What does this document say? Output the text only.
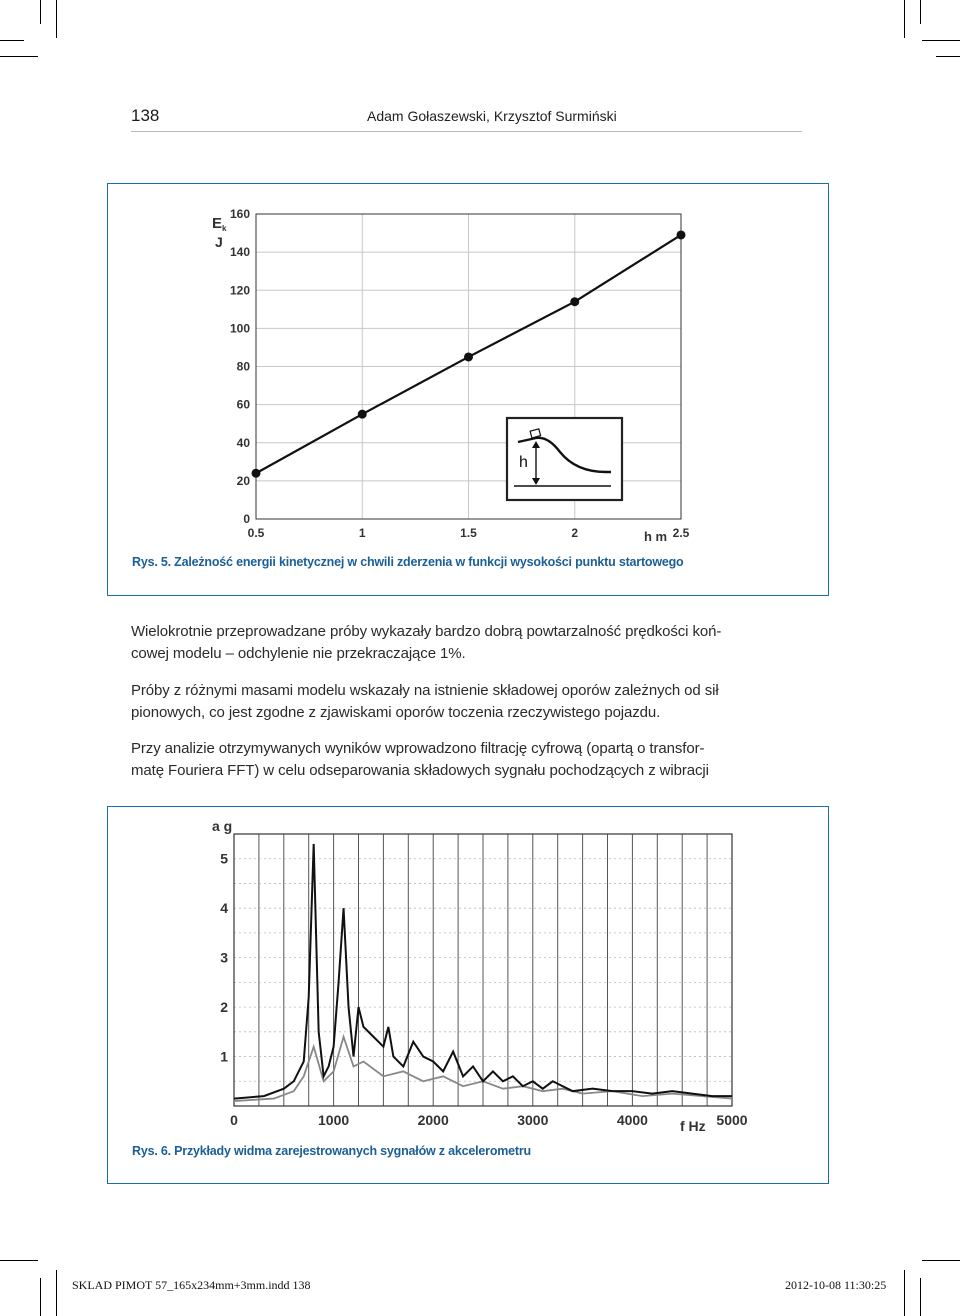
138	Adam Gołaszewski, Krzysztof Surmiński
0
20
40
60
80
100
120
140
160
0.5	1	1.5	2	2.5
E k
J
h m
h
Rys. 5. Zależność energii kinetycznej w chwili zderzenia w funkcji wysokości punktu startowego
Wielokrotnie przeprowadzane próby wykazały bardzo dobrą powtarzalność prędkości koń-
cowej modelu – odchylenie nie przekraczające 1%.
Próby z różnymi masami modelu wskazały na istnienie składowej oporów zależnych od sił
pionowych, co jest zgodne z zjawiskami oporów toczenia rzeczywistego pojazdu.
Przy analizie otrzymywanych wyników wprowadzono filtrację cyfrową (opartą o transfor-
matę Fouriera FFT) w celu odseparowania składowych sygnału pochodzących z wibracji
1
2
3
4
5
0	1000	2000	3000	4000	5000
a g
f Hz
Rys. 6. Przykłady widma zarejestrowanych sygnałów z akcelerometru
SKLAD PIMOT 57_165x234mm+3mm.indd 138	2012-10-08 11:30:25
